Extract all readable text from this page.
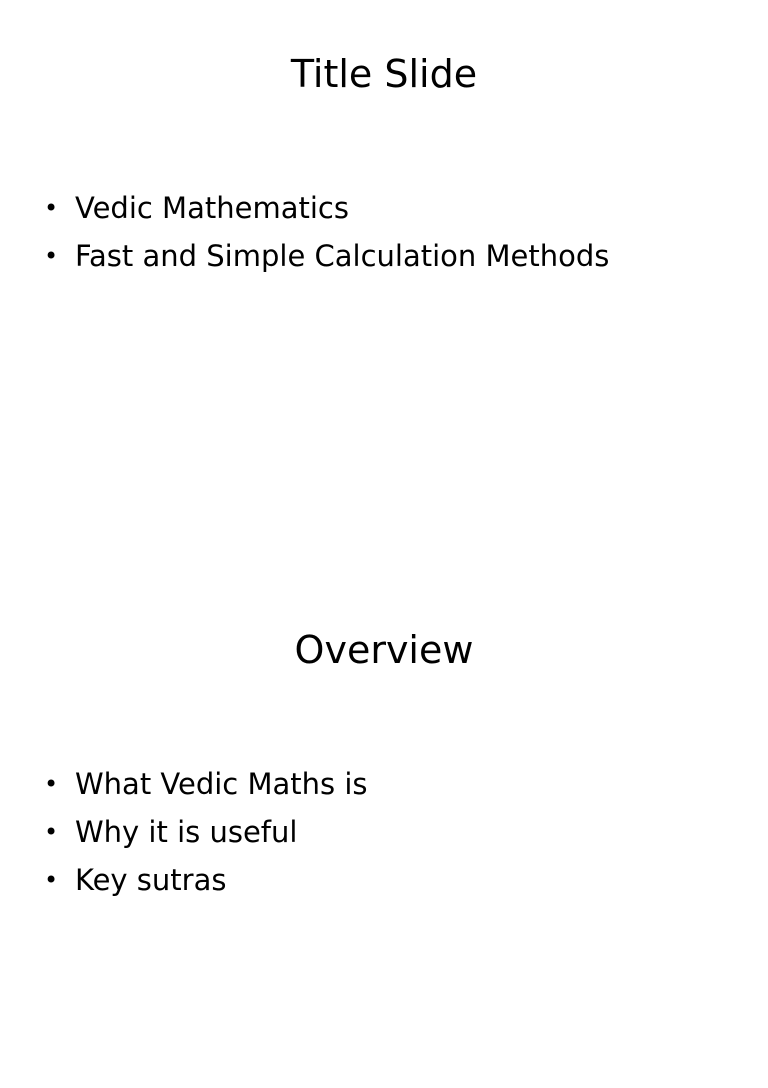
Title Slide
• Vedic Mathematics
• Fast and Simple Calculation Methods
Overview
• What Vedic Maths is
• Why it is useful
• Key sutras
